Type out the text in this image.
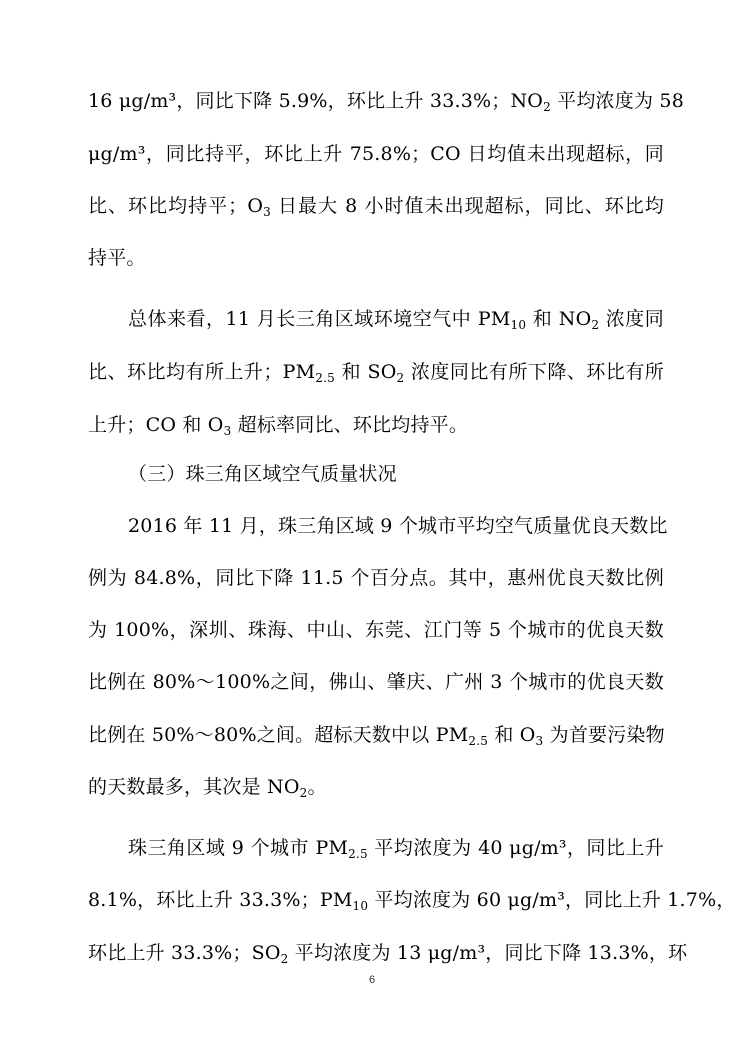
16 μg/m³，同比下降 5.9%，环比上升 33.3%；$NO_2$ 平均浓度为 58
μg/m³，同比持平，环比上升 75.8%；CO 日均值未出现超标，同
比、环比均持平；$O_3$ 日最大 8 小时值未出现超标，同比、环比均
持平。
总体来看，11 月长三角区域环境空气中 $PM_{10}$ 和 $NO_2$ 浓度同
比、环比均有所上升；$PM_{2.5}$ 和 $SO_2$ 浓度同比有所下降、环比有所
上升；CO 和 $O_3$ 超标率同比、环比均持平。
（三）珠三角区域空气质量状况
2016 年 11 月，珠三角区域 9 个城市平均空气质量优良天数比
例为 84.8%，同比下降 11.5 个百分点。其中，惠州优良天数比例
为 100%，深圳、珠海、中山、东莞、江门等 5 个城市的优良天数
比例在 80%～100%之间，佛山、肇庆、广州 3 个城市的优良天数
比例在 50%～80%之间。超标天数中以 $PM_{2.5}$ 和 $O_3$ 为首要污染物
的天数最多，其次是 $NO_2$。
珠三角区域 9 个城市 $PM_{2.5}$ 平均浓度为 40 μg/m³，同比上升
8.1%，环比上升 33.3%；$PM_{10}$ 平均浓度为 60 μg/m³，同比上升 1.7%，
环比上升 33.3%；$SO_2$ 平均浓度为 13 μg/m³，同比下降 13.3%，环
6
